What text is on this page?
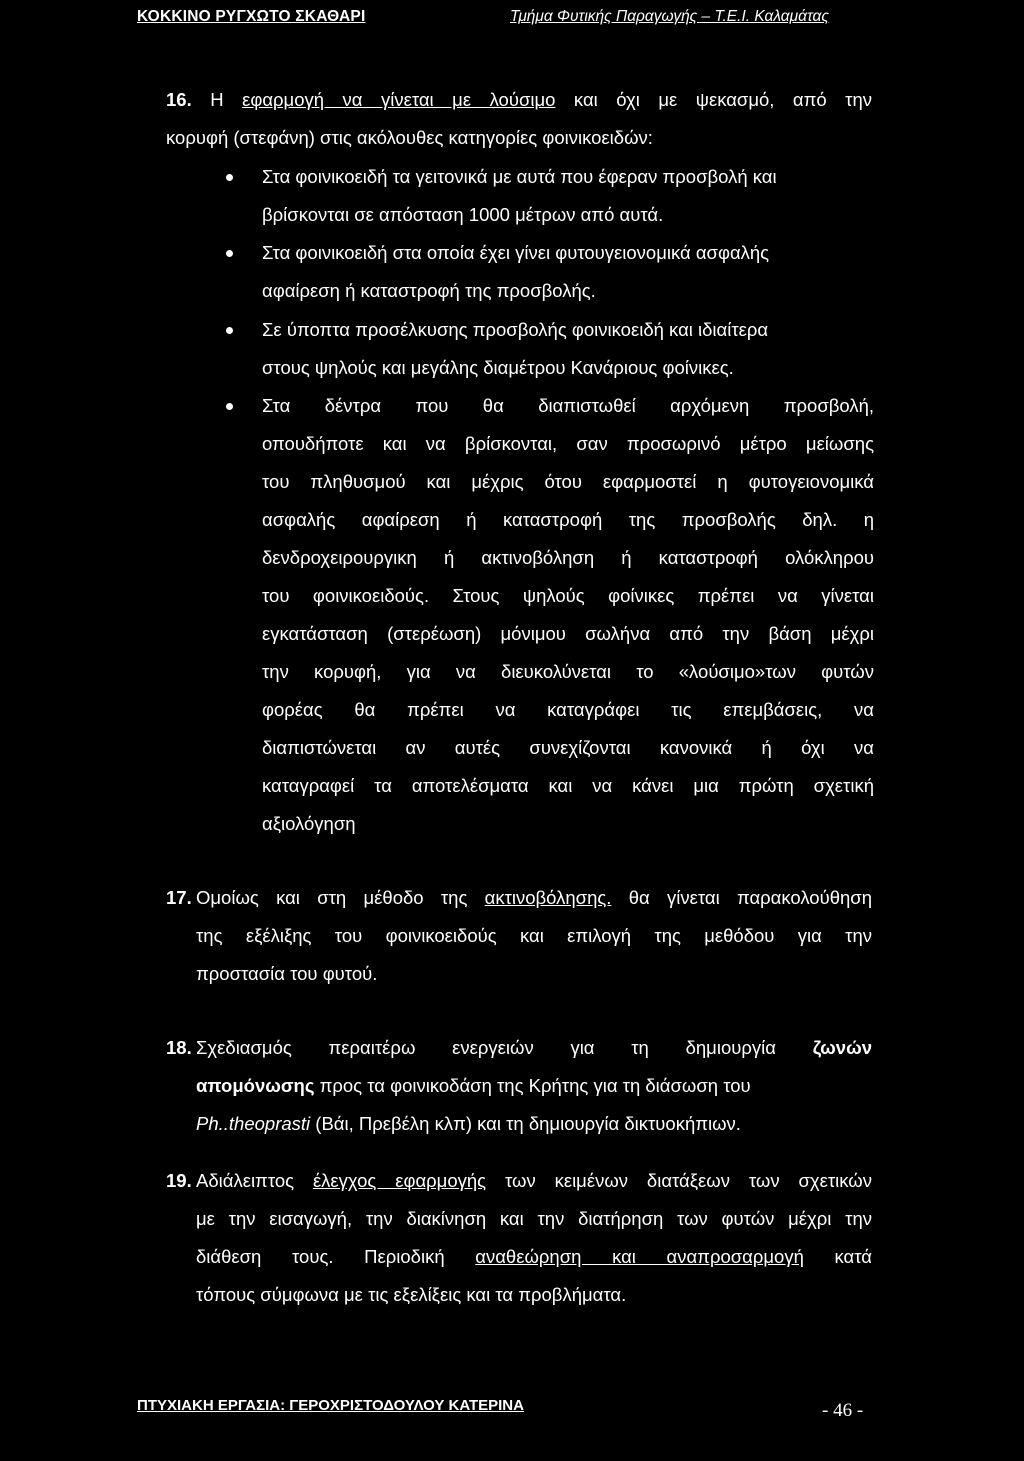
ΚΟΚΚΙΝΟ ΡΥΓΧΩΤΟ ΣΚΑΘΑΡΙ	Τμήμα Φυτικής Παραγωγής – Τ.Ε.Ι. Καλαμάτας
16. Η εφαρμογή να γίνεται με λούσιμο και όχι με ψεκασμό, από την
κορυφή (στεφάνη) στις ακόλουθες κατηγορίες φοινικοειδών:
Στα φοινικοειδή τα γειτονικά με αυτά που έφεραν προσβολή και
βρίσκονται σε απόσταση 1000 μέτρων από αυτά.
Στα φοινικοειδή στα οποία έχει γίνει φυτουγειονομικά ασφαλής
αφαίρεση ή καταστροφή της προσβολής.
Σε ύποπτα προσέλκυσης προσβολής φοινικοειδή και ιδιαίτερα
στους ψηλούς και μεγάλης διαμέτρου Κανάριους φοίνικες.
Στα δέντρα που θα διαπιστωθεί αρχόμενη προσβολή,
οπουδήποτε και να βρίσκονται, σαν προσωρινό μέτρο μείωσης
του πληθυσμού και μέχρις ότου εφαρμοστεί η φυτογειονομικά
ασφαλής αφαίρεση ή καταστροφή της προσβολής δηλ. η
δενδροχειρουργικη ή ακτινοβόληση ή καταστροφή ολόκληρου
του φοινικοειδούς. Στους ψηλούς φοίνικες πρέπει να γίνεται
εγκατάσταση (στερέωση) μόνιμου σωλήνα από την βάση μέχρι
την κορυφή, για να διευκολύνεται το «λούσιμο»των φυτών
φορέας θα πρέπει να καταγράφει τις επεμβάσεις, να
διαπιστώνεται αν αυτές συνεχίζονται κανονικά ή όχι να
καταγραφεί τα αποτελέσματα και να κάνει μια πρώτη σχετική
αξιολόγηση
17. Ομοίως και στη μέθοδο της ακτινοβόλησης. θα γίνεται παρακολούθηση
της εξέλιξης του φοινικοειδούς και επιλογή της μεθόδου για την
προστασία του φυτού.
18. Σχεδιασμός περαιτέρω ενεργειών για τη δημιουργία ζωνών
απομόνωσης προς τα φοινικοδάση της Κρήτης για τη διάσωση του
Ph..theoprasti (Βάι, Πρεβέλη κλπ) και τη δημιουργία δικτυοκήπιων.
19. Αδιάλειπτος έλεγχος εφαρμογής των κειμένων διατάξεων των σχετικών
με την εισαγωγή, την διακίνηση και την διατήρηση των φυτών μέχρι την
διάθεση τους. Περιοδική αναθεώρηση και αναπροσαρμογή κατά
τόπους σύμφωνα με τις εξελίξεις και τα προβλήματα.
ΠΤΥΧΙΑΚΗ ΕΡΓΑΣΙΑ: ΓΕΡΟΧΡΙΣΤΟΔΟΥΛΟΥ ΚΑΤΕΡΙΝΑ	- 46 -
